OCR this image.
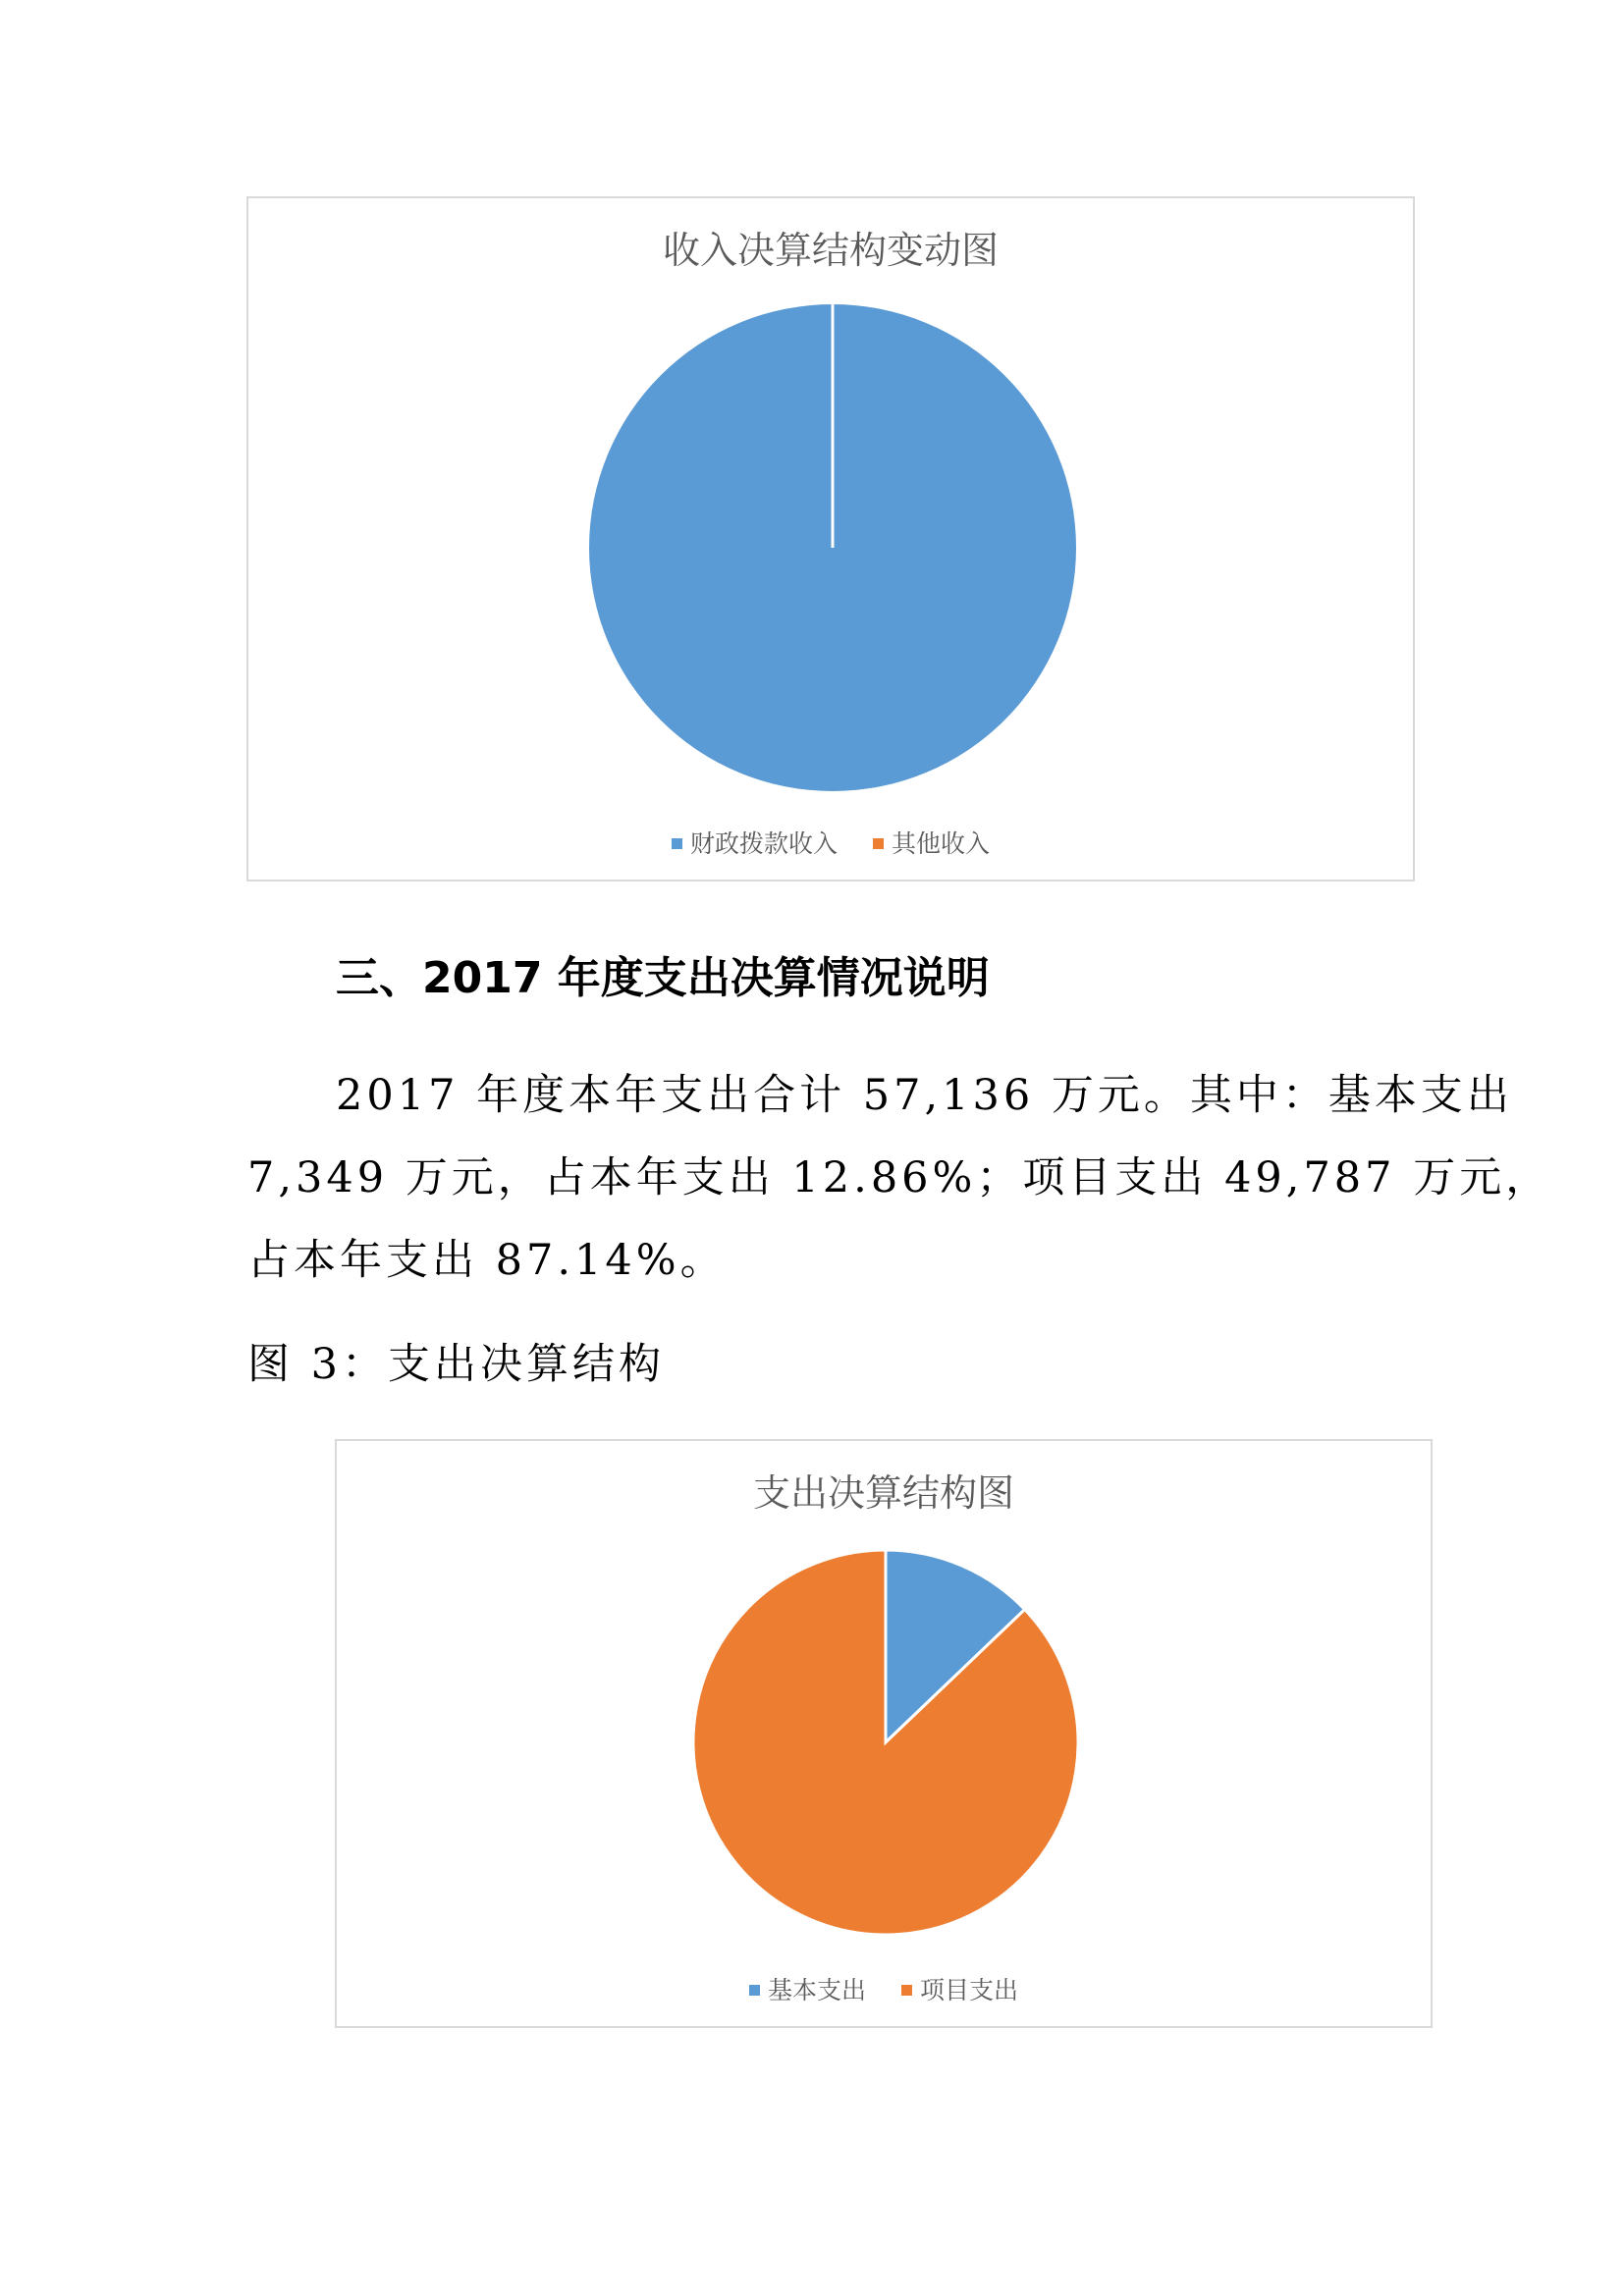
收入决算结构变动图
财政拨款收入 其他收入
三、2017 年度支出决算情况说明
2017 年度本年支出合计 57,136 万元。其中：基本支出
7,349 万元，占本年支出 12.86%；项目支出 49,787 万元，
占本年支出 87.14%。
图 3：支出决算结构
支出决算结构图
基本支出 项目支出
